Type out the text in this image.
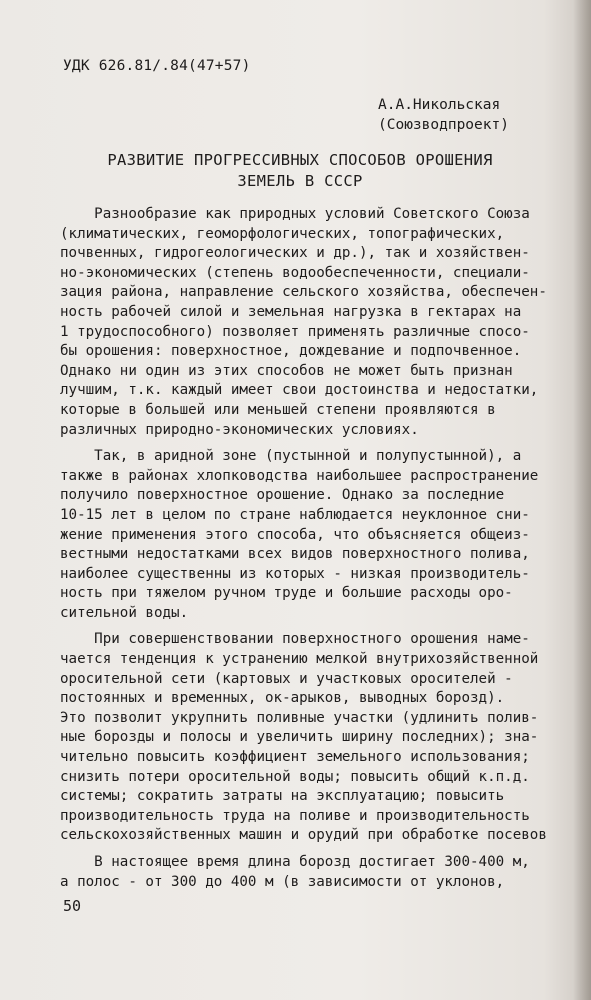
УДК 626.81/.84(47+57)
А.А.Никольская
(Союзводпроект)
РАЗВИТИЕ ПРОГРЕССИВНЫХ СПОСОБОВ ОРОШЕНИЯ
ЗЕМЕЛЬ В СССР
Разнообразие как природных условий Советского Союза
(климатических, геоморфологических, топографических,
почвенных, гидрогеологических и др.), так и хозяйствен-
но-экономических (степень водообеспеченности, специали-
зация района, направление сельского хозяйства, обеспечен-
ность рабочей силой и земельная нагрузка в гектарах на
1 трудоспособного) позволяет применять различные спосо-
бы орошения: поверхностное, дождевание и подпочвенное.
Однако ни один из этих способов не может быть признан
лучшим, т.к. каждый имеет свои достоинства и недостатки,
которые в большей или меньшей степени проявляются в
различных природно-экономических условиях.
Так, в аридной зоне (пустынной и полупустынной), а
также в районах хлопководства наибольшее распространение
получило поверхностное орошение. Однако за последние
10-15 лет в целом по стране наблюдается неуклонное сни-
жение применения этого способа, что объясняется общеиз-
вестными недостатками всех видов поверхностного полива,
наиболее существенны из которых - низкая производитель-
ность при тяжелом ручном труде и большие расходы оро-
сительной воды.
При совершенствовании поверхностного орошения наме-
чается тенденция к устранению мелкой внутрихозяйственной
оросительной сети (картовых и участковых оросителей -
постоянных и временных, ок-арыков, выводных борозд).
Это позволит укрупнить поливные участки (удлинить полив-
ные борозды и полосы и увеличить ширину последних); зна-
чительно повысить коэффициент земельного использования;
снизить потери оросительной воды; повысить общий к.п.д.
системы; сократить затраты на эксплуатацию; повысить
производительность труда на поливе и производительность
сельскохозяйственных машин и орудий при обработке посевов
В настоящее время длина борозд достигает 300-400 м,
а полос - от 300 до 400 м (в зависимости от уклонов,
50
